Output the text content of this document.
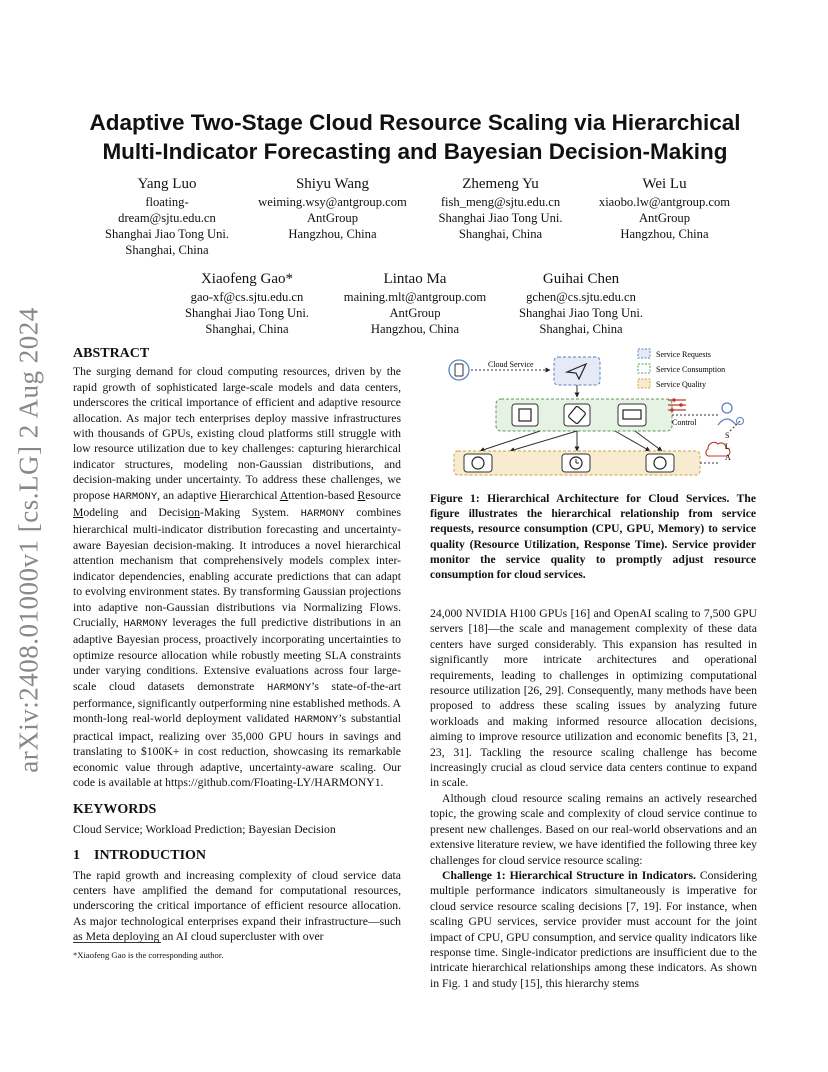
arXiv:2408.01000v1 [cs.LG] 2 Aug 2024
Adaptive Two-Stage Cloud Resource Scaling via Hierarchical
Multi-Indicator Forecasting and Bayesian Decision-Making
Yang Luo
floating-
dream@sjtu.edu.cn
Shanghai Jiao Tong Uni.
Shanghai, China
Shiyu Wang
weiming.wsy@antgroup.com
AntGroup
Hangzhou, China
Zhemeng Yu
fish_meng@sjtu.edu.cn
Shanghai Jiao Tong Uni.
Shanghai, China
Wei Lu
xiaobo.lw@antgroup.com
AntGroup
Hangzhou, China
Xiaofeng Gao*
gao-xf@cs.sjtu.edu.cn
Shanghai Jiao Tong Uni.
Shanghai, China
Lintao Ma
maining.mlt@antgroup.com
AntGroup
Hangzhou, China
Guihai Chen
gchen@cs.sjtu.edu.cn
Shanghai Jiao Tong Uni.
Shanghai, China

ABSTRACT

The surging demand for cloud computing resources, driven by the rapid growth of sophisticated large-scale models and data centers, underscores the critical importance of efficient and adaptive resource allocation. As major tech enterprises deploy massive infrastructures with thousands of GPUs, existing cloud platforms still struggle with low resource utilization due to key challenges: capturing hierarchical indicator structures, modeling non-Gaussian distributions, and decision-making under uncertainty. To address these challenges, we propose HARMONY, an adaptive Hierarchical Attention-based Resource Modeling and Decision-Making System. HARMONY combines hierarchical multi-indicator distribution forecasting and uncertainty-aware Bayesian decision-making. It introduces a novel hierarchical attention mechanism that comprehensively models complex inter-indicator dependencies, enabling accurate predictions that can adapt to evolving environment states. By transforming Gaussian projections into adaptive non-Gaussian distributions via Normalizing Flows. Crucially, HARMONY leverages the full predictive distributions in an adaptive Bayesian process, proactively incorporating uncertainties to optimize resource allocation while robustly meeting SLA constraints under varying conditions. Extensive evaluations across four large-scale cloud datasets demonstrate HARMONY’s state-of-the-art performance, significantly outperforming nine established methods. A month-long real-world deployment validated HARMONY’s substantial practical impact, realizing over 35,000 GPU hours in savings and translating to $100K+ in cost reduction, showcasing its remarkable economic value through adaptive, uncertainty-aware scaling. Our code is available at https://github.com/Floating-LY/HARMONY1.

KEYWORDS

Cloud Service; Workload Prediction; Bayesian Decision

1    INTRODUCTION

The rapid growth and increasing complexity of cloud service data centers have amplified the demand for computational resources, underscoring the critical importance of efficient resource allocation. As major technological enterprises expand their infrastructure—such as Meta deploying an AI cloud supercluster with over

*Xiaofeng Gao is the corresponding author.
Service Requests
Service Consumption
Service Quality
Cloud Service
Control
S
L
A
Figure 1: Hierarchical Architecture for Cloud Services. The figure illustrates the hierarchical relationship from service requests, resource consumption (CPU, GPU, Memory) to service quality (Resource Utilization, Response Time). Service provider monitor the service quality to promptly adjust resource consumption for cloud services.

24,000 NVIDIA H100 GPUs [16] and OpenAI scaling to 7,500 GPU servers [18]—the scale and management complexity of these data centers have surged considerably. This expansion has resulted in significantly more intricate architectures and operational requirements, leading to challenges in optimizing computational resource utilization [26, 29]. Consequently, many methods have been proposed to address these scaling issues by analyzing future workloads and making informed resource allocation decisions, aiming to improve resource utilization and economic benefits [3, 21, 23, 31]. Tackling the resource scaling challenge has become increasingly crucial as cloud service data centers continue to expand in scale.

Although cloud resource scaling remains an actively researched topic, the growing scale and complexity of cloud service continue to present new challenges. Based on our real-world observations and an extensive literature review, we have identified the following three key challenges for cloud service resource scaling:

Challenge 1: Hierarchical Structure in Indicators. Considering multiple performance indicators simultaneously is imperative for cloud service resource scaling decisions [7, 19]. For instance, when scaling GPU services, service provider must account for the joint impact of CPU, GPU consumption, and service quality indicators like response time. Single-indicator predictions are insufficient due to the intricate hierarchical relationships among these indicators. As shown in Fig. 1 and study [15], this hierarchy stems
